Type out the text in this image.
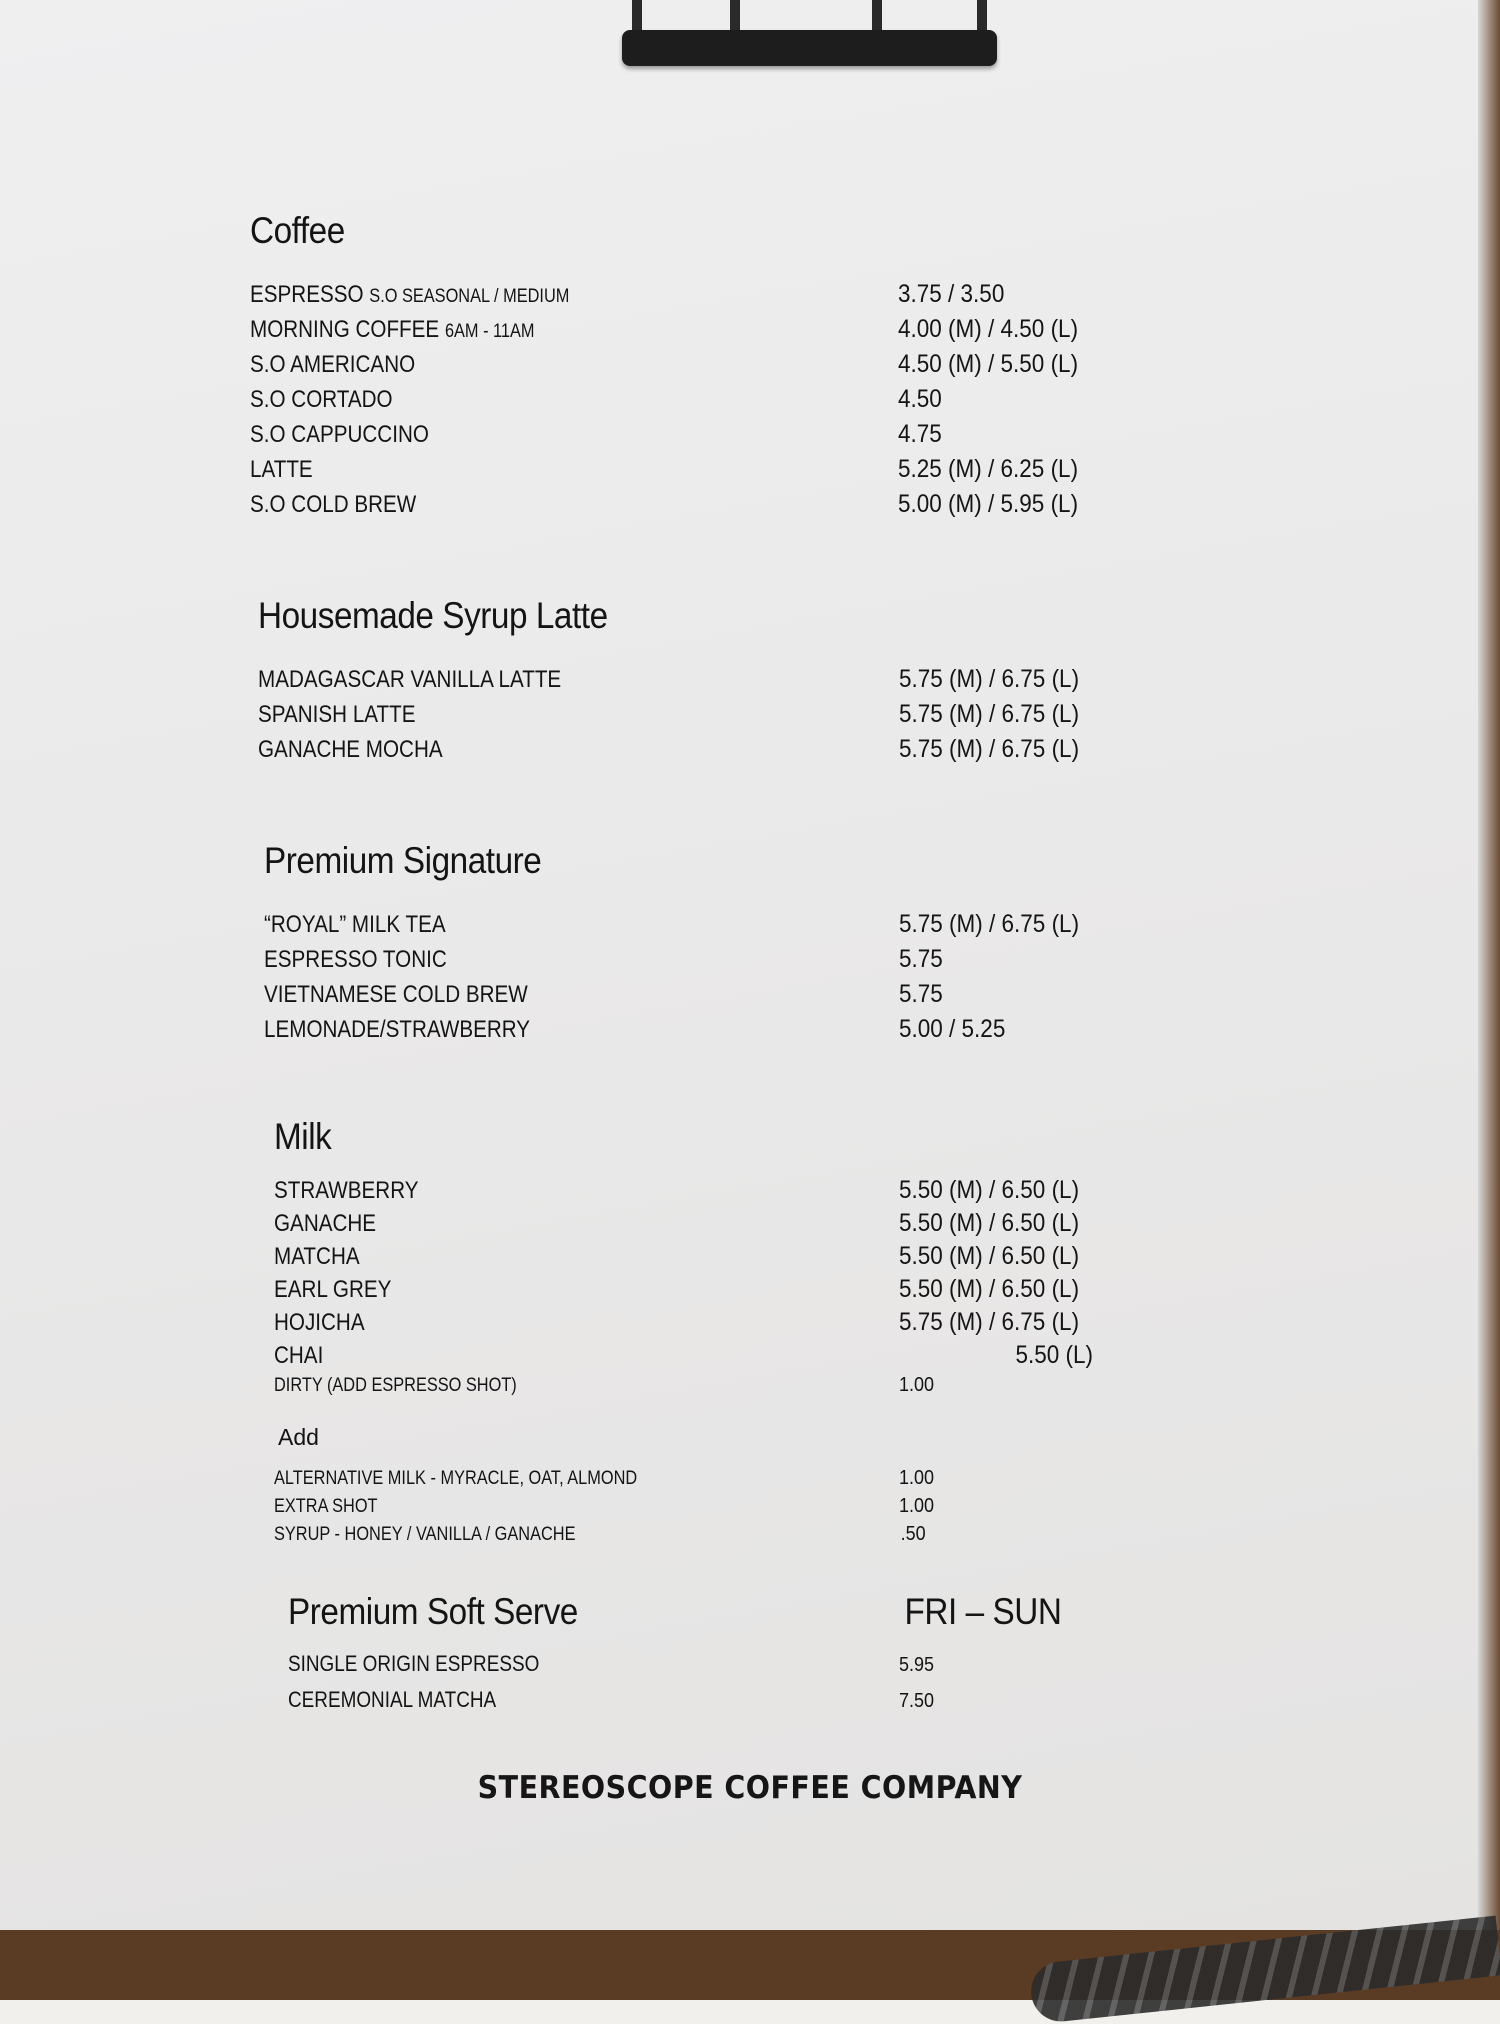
Coffee
ESPRESSO S.O SEASONAL / MEDIUM	3.75 / 3.50
MORNING COFFEE 6AM - 11AM	4.00 (M) / 4.50 (L)
S.O AMERICANO	4.50 (M) / 5.50 (L)
S.O CORTADO	4.50
S.O CAPPUCCINO	4.75
LATTE	5.25 (M) / 6.25 (L)
S.O COLD BREW	5.00 (M) / 5.95 (L)
Housemade Syrup Latte
MADAGASCAR VANILLA LATTE	5.75 (M) / 6.75 (L)
SPANISH LATTE	5.75 (M) / 6.75 (L)
GANACHE MOCHA	5.75 (M) / 6.75 (L)
Premium Signature
“ROYAL” MILK TEA	5.75 (M) / 6.75 (L)
ESPRESSO TONIC	5.75
VIETNAMESE COLD BREW	5.75
LEMONADE/STRAWBERRY	5.00 / 5.25
Milk
STRAWBERRY	5.50 (M) / 6.50 (L)
GANACHE	5.50 (M) / 6.50 (L)
MATCHA	5.50 (M) / 6.50 (L)
EARL GREY	5.50 (M) / 6.50 (L)
HOJICHA	5.75 (M) / 6.75 (L)
CHAI	5.50 (L)
DIRTY (ADD ESPRESSO SHOT)	1.00
Add
ALTERNATIVE MILK - MYRACLE, OAT, ALMOND	1.00
EXTRA SHOT	1.00
SYRUP - HONEY / VANILLA / GANACHE	.50
Premium Soft Serve	FRI – SUN
SINGLE ORIGIN ESPRESSO	5.95
CEREMONIAL MATCHA	7.50
STEREOSCOPE COFFEE COMPANY
